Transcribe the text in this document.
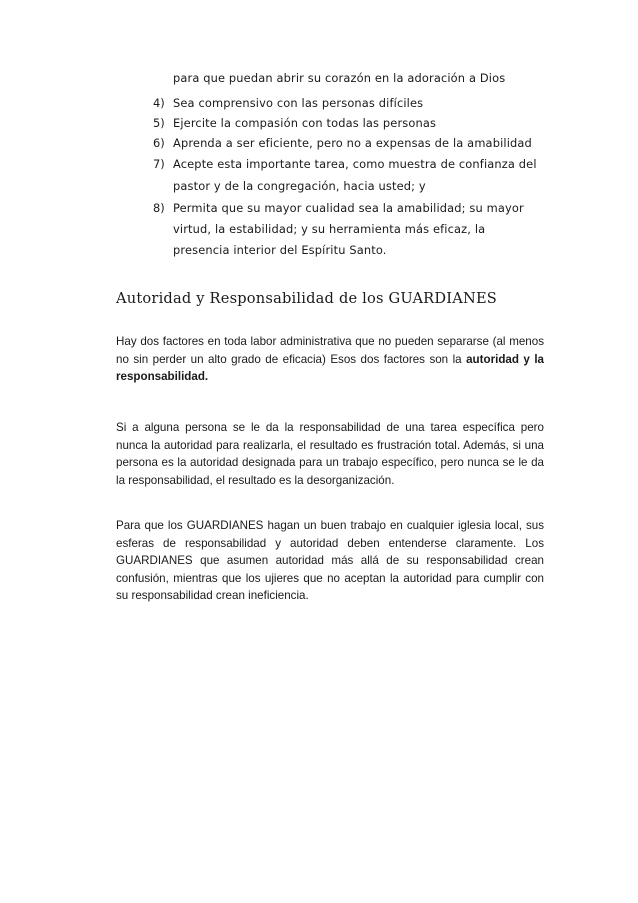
para que puedan abrir su corazón en la adoración a Dios
4) Sea comprensivo con las personas difíciles
5) Ejercite la compasión con todas las personas
6) Aprenda a ser eficiente, pero no a expensas de la amabilidad
7) Acepte esta importante tarea, como muestra de confianza del
pastor y de la congregación, hacia usted; y
8) Permita que su mayor cualidad sea la amabilidad; su mayor
virtud, la estabilidad; y su herramienta más eficaz, la
presencia interior del Espíritu Santo.
Autoridad y Responsabilidad de los GUARDIANES

Hay dos factores en toda labor administrativa que no pueden separarse (al menos no sin perder un alto grado de eficacia) Esos dos factores son la autoridad y la responsabilidad.

Si a alguna persona se le da la responsabilidad de una tarea específica pero nunca la autoridad para realizarla, el resultado es frustración total. Además, si una persona es la autoridad designada para un trabajo específico, pero nunca se le da la responsabilidad, el resultado es la desorganización.

Para que los GUARDIANES hagan un buen trabajo en cualquier iglesia local, sus esferas de responsabilidad y autoridad deben entenderse claramente. Los GUARDIANES que asumen autoridad más allá de su responsabilidad crean confusión, mientras que los ujieres que no aceptan la autoridad para cumplir con su responsabilidad crean ineficiencia.
